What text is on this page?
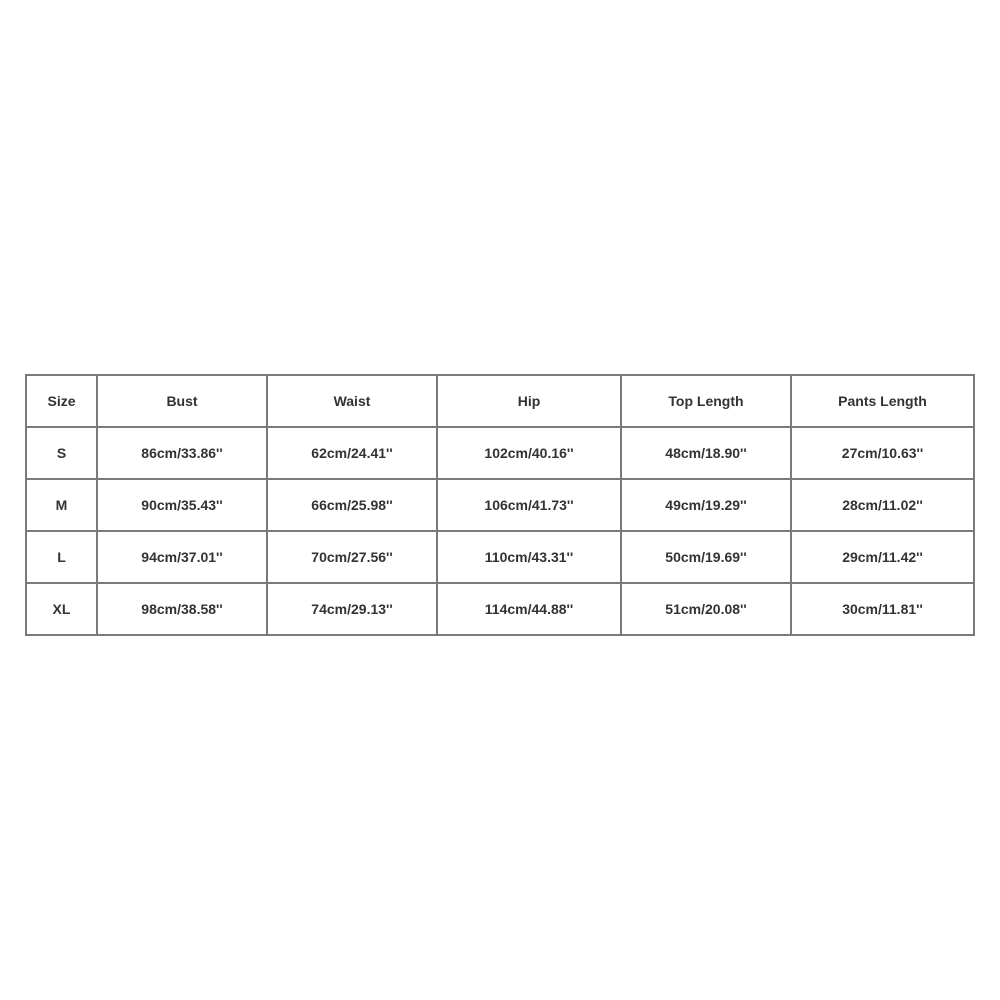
Size	Bust	Waist	Hip	Top Length	Pants Length
S	86cm/33.86''	62cm/24.41''	102cm/40.16''	48cm/18.90''	27cm/10.63''
M	90cm/35.43''	66cm/25.98''	106cm/41.73''	49cm/19.29''	28cm/11.02''
L	94cm/37.01''	70cm/27.56''	110cm/43.31''	50cm/19.69''	29cm/11.42''
XL	98cm/38.58''	74cm/29.13''	114cm/44.88''	51cm/20.08''	30cm/11.81''
